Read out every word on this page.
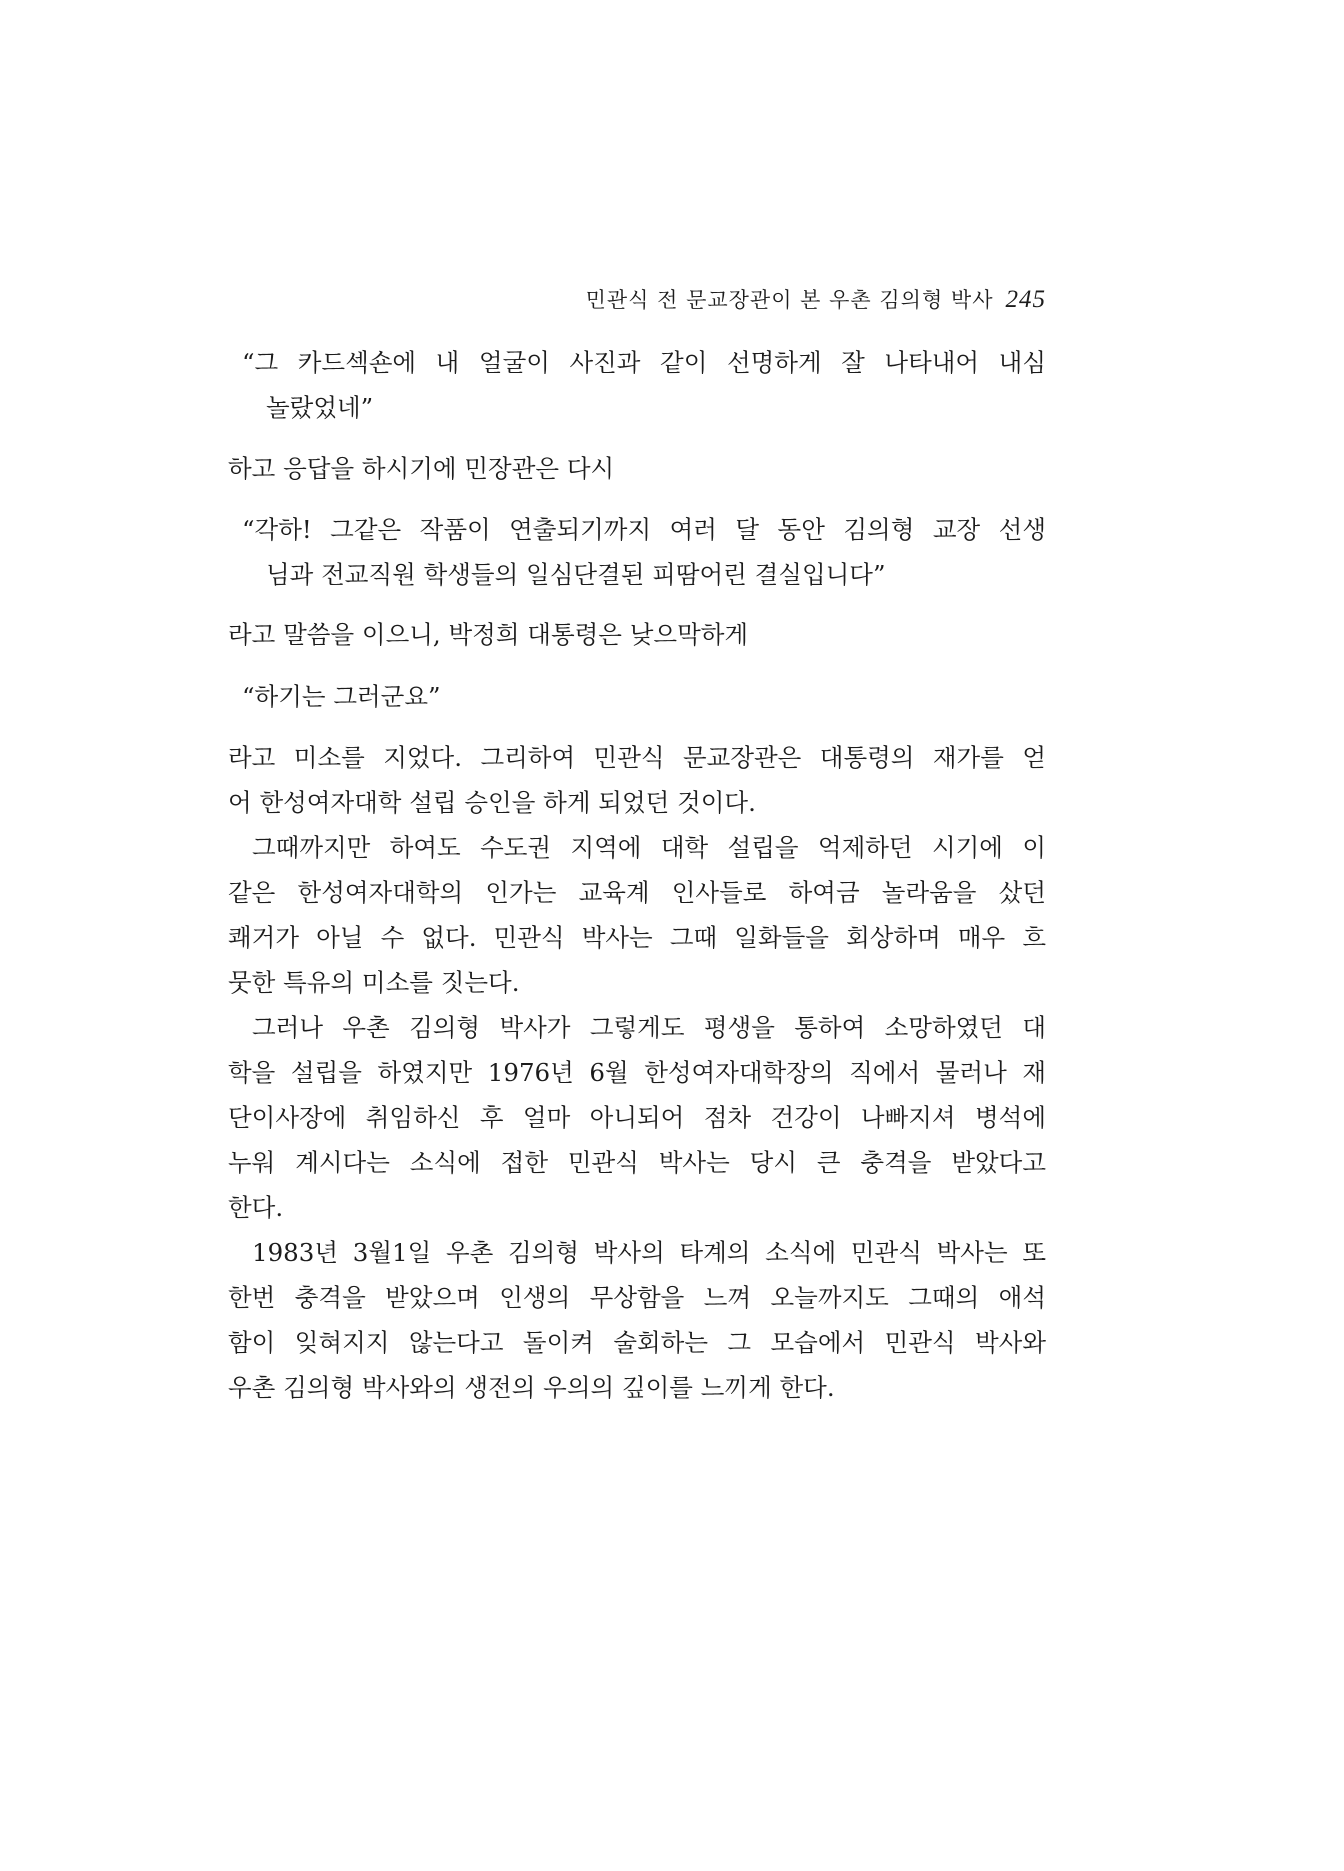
민관식 전 문교장관이 본 우촌 김의형 박사 245
“그 카드섹숀에 내 얼굴이 사진과 같이 선명하게 잘 나타내어 내심
놀랐었네”
하고 응답을 하시기에 민장관은 다시
“각하! 그같은 작품이 연출되기까지 여러 달 동안 김의형 교장 선생
님과 전교직원 학생들의 일심단결된 피땀어린 결실입니다”
라고 말씀을 이으니, 박정희 대통령은 낮으막하게
“하기는 그러군요”
라고 미소를 지었다. 그리하여 민관식 문교장관은 대통령의 재가를 얻
어 한성여자대학 설립 승인을 하게 되었던 것이다.
그때까지만 하여도 수도권 지역에 대학 설립을 억제하던 시기에 이
같은 한성여자대학의 인가는 교육계 인사들로 하여금 놀라움을 샀던
쾌거가 아닐 수 없다. 민관식 박사는 그때 일화들을 회상하며 매우 흐
뭇한 특유의 미소를 짓는다.
그러나 우촌 김의형 박사가 그렇게도 평생을 통하여 소망하였던 대
학을 설립을 하였지만 1976년 6월 한성여자대학장의 직에서 물러나 재
단이사장에 취임하신 후 얼마 아니되어 점차 건강이 나빠지셔 병석에
누워 계시다는 소식에 접한 민관식 박사는 당시 큰 충격을 받았다고
한다.
1983년 3월1일 우촌 김의형 박사의 타계의 소식에 민관식 박사는 또
한번 충격을 받았으며 인생의 무상함을 느껴 오늘까지도 그때의 애석
함이 잊혀지지 않는다고 돌이켜 술회하는 그 모습에서 민관식 박사와
우촌 김의형 박사와의 생전의 우의의 깊이를 느끼게 한다.
